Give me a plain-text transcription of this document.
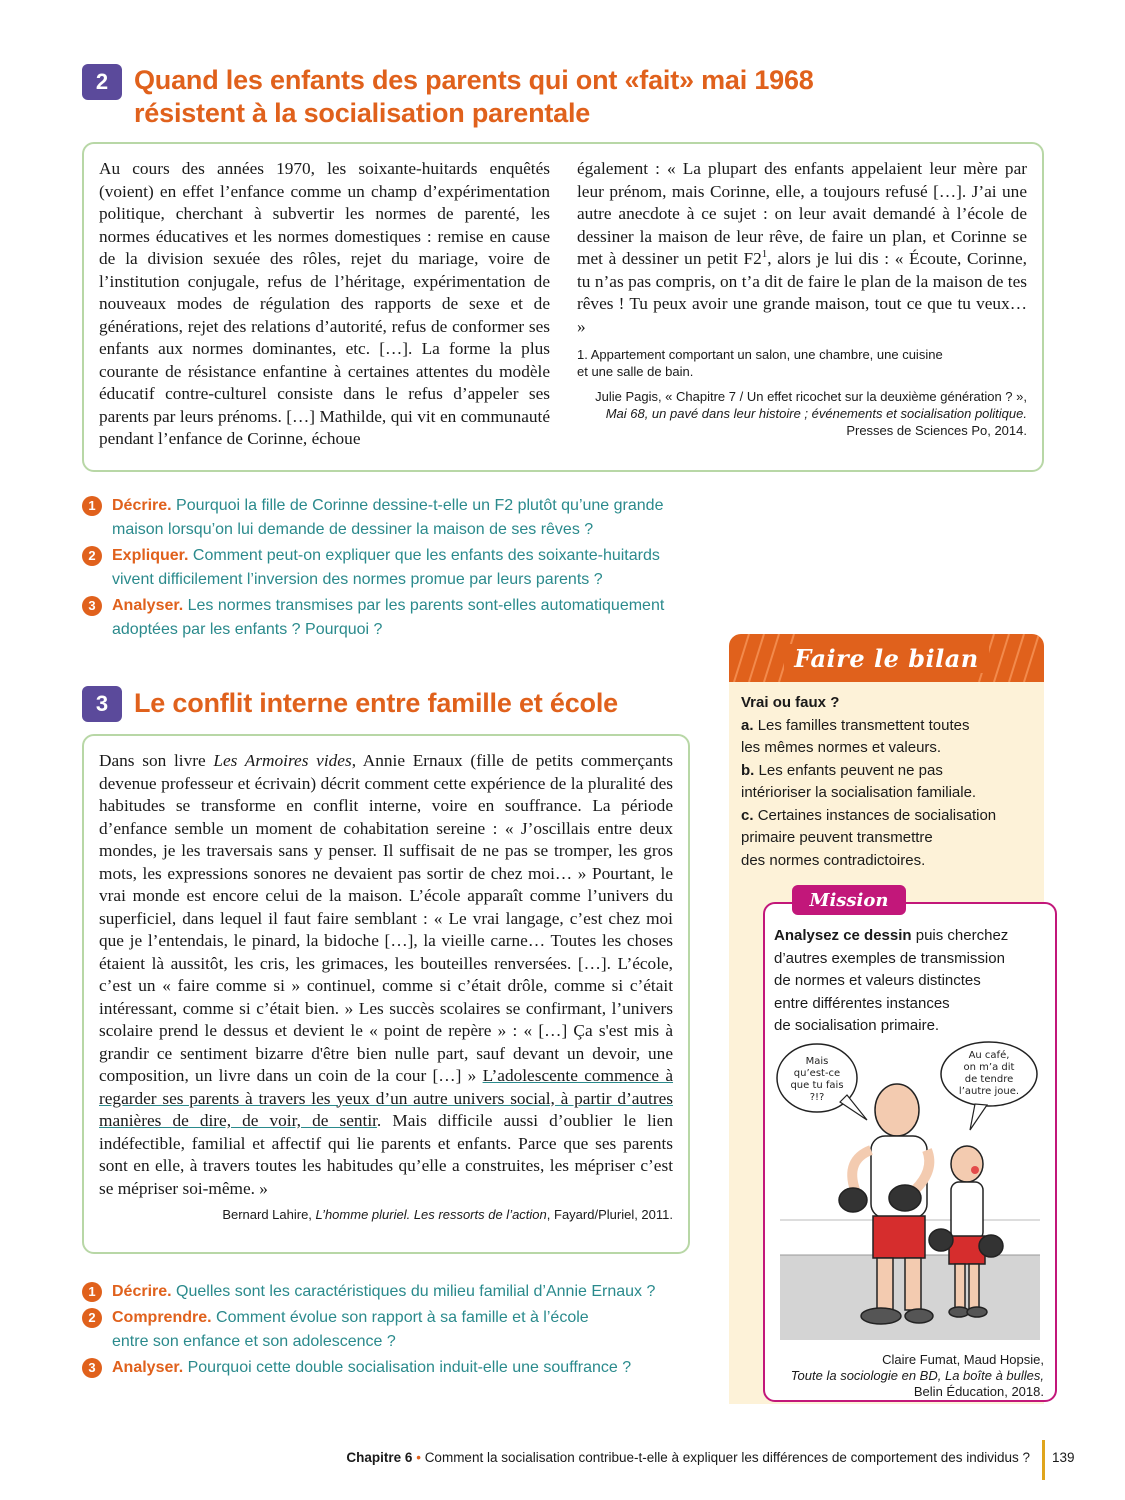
2 Quand les enfants des parents qui ont «fait» mai 1968
résistent à la socialisation parentale

Au cours des années 1970, les soixante-huitards enquêtés (voient) en effet l’enfance comme un champ d’expérimentation politique, cherchant à subvertir les normes de parenté, les normes éducatives et les normes domestiques : remise en cause de la division sexuée des rôles, rejet du mariage, voire de l’institution conjugale, refus de l’héritage, expérimentation de nouveaux modes de régulation des rapports de sexe et de générations, rejet des relations d’autorité, refus de conformer ses enfants aux normes dominantes, etc. […]. La forme la plus courante de résistance enfantine à certaines attentes du modèle éducatif contre-culturel consiste dans le refus d’appeler ses parents par leurs prénoms. […] Mathilde, qui vit en communauté pendant l’enfance de Corinne, échoue

également : « La plupart des enfants appelaient leur mère par leur prénom, mais Corinne, elle, a toujours refusé […]. J’ai une autre anecdote à ce sujet : on leur avait demandé à l’école de dessiner la maison de leur rêve, de faire un plan, et Corinne se met à dessiner un petit $F2^1$, alors je lui dis : « Écoute, Corinne, tu n’as pas compris, on t’a dit de faire le plan de la maison de tes rêves ! Tu peux avoir une grande maison, tout ce que tu veux… »

1. Appartement comportant un salon, une chambre, une cuisine
et une salle de bain.
Julie Pagis, « Chapitre 7 / Un effet ricochet sur la deuxième génération ? »,
Mai 68, un pavé dans leur histoire ; événements et socialisation politique.
Presses de Sciences Po, 2014.
1	Décrire. Pourquoi la fille de Corinne dessine-t-elle un F2 plutôt qu’une grande
maison lorsqu’on lui demande de dessiner la maison de ses rêves ?
2	Expliquer. Comment peut-on expliquer que les enfants des soixante-huitards
vivent difficilement l’inversion des normes promue par leurs parents ?
3	Analyser. Les normes transmises par les parents sont-elles automatiquement
adoptées par les enfants ? Pourquoi ?
3 Le conflit interne entre famille et école

Dans son livre Les Armoires vides, Annie Ernaux (fille de petits commerçants devenue professeur et écrivain) décrit comment cette expérience de la pluralité des habitudes se transforme en conflit interne, voire en souffrance. La période d’enfance semble un moment de cohabitation sereine : « J’oscillais entre deux mondes, je les traversais sans y penser. Il suffisait de ne pas se tromper, les gros mots, les expressions sonores ne devaient pas sortir de chez moi… » Pourtant, le vrai monde est encore celui de la maison. L’école apparaît comme l’univers du superficiel, dans lequel il faut faire semblant : « Le vrai langage, c’est chez moi que je l’entendais, le pinard, la bidoche […], la vieille carne… Toutes les choses étaient là aussitôt, les cris, les grimaces, les bouteilles renversées. […]. L’école, c’est un « faire comme si » continuel, comme si c’était drôle, comme si c’était intéressant, comme si c’était bien. » Les succès scolaires se confirmant, l’univers scolaire prend le dessus et devient le « point de repère » : « […] Ça s'est mis à grandir ce sentiment bizarre d'être bien nulle part, sauf devant un devoir, une composition, un livre dans un coin de la cour […] » L’adolescente commence à regarder ses parents à travers les yeux d’un autre univers social, à partir d’autres manières de dire, de voir, de sentir. Mais difficile aussi d’oublier le lien indéfectible, familial et affectif qui lie parents et enfants. Parce que ses parents sont en elle, à travers toutes les habitudes qu’elle a construites, les mépriser c’est se mépriser soi-même. »

Bernard Lahire, L’homme pluriel. Les ressorts de l’action, Fayard/Pluriel, 2011.
1	Décrire. Quelles sont les caractéristiques du milieu familial d’Annie Ernaux ?
2	Comprendre. Comment évolue son rapport à sa famille et à l’école
entre son enfance et son adolescence ?
3	Analyser. Pourquoi cette double socialisation induit-elle une souffrance ?
Faire le bilan
Vrai ou faux ?
a. Les familles transmettent toutes
les mêmes normes et valeurs.
b. Les enfants peuvent ne pas
intérioriser la socialisation familiale.
c. Certaines instances de socialisation
primaire peuvent transmettre
des normes contradictoires.
Mission
Analysez ce dessin puis cherchez
d’autres exemples de transmission
de normes et valeurs distinctes
entre différentes instances
de socialisation primaire.
Mais
qu’est-ce
que tu fais
?!?
Au café,
on m’a dit
de tendre
l’autre joue.
Claire Fumat, Maud Hopsie,
Toute la sociologie en BD, La boîte à bulles,
Belin Éducation, 2018.
Chapitre 6 • Comment la socialisation contribue-t-elle à expliquer les différences de comportement des individus ? 139
